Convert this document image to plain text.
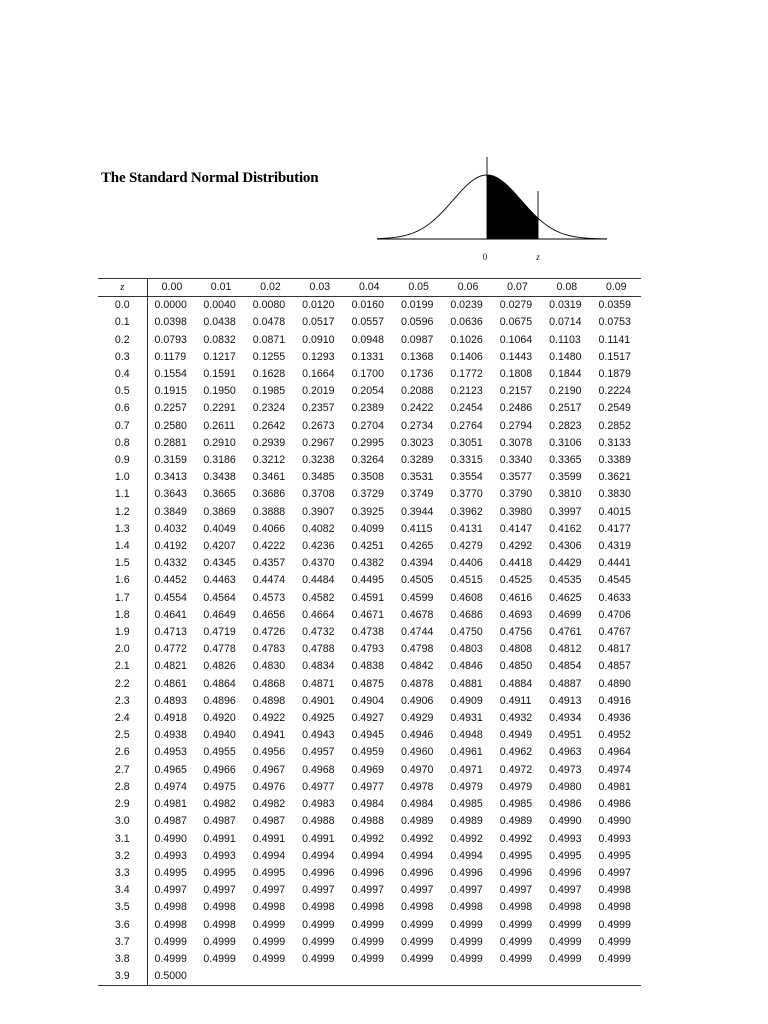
The Standard Normal Distribution
0	z
z	0.00	0.01	0.02	0.03	0.04	0.05	0.06	0.07	0.08	0.09
0.0	0.0000	0.0040	0.0080	0.0120	0.0160	0.0199	0.0239	0.0279	0.0319	0.0359
0.1	0.0398	0.0438	0.0478	0.0517	0.0557	0.0596	0.0636	0.0675	0.0714	0.0753
0.2	0.0793	0.0832	0.0871	0.0910	0.0948	0.0987	0.1026	0.1064	0.1103	0.1141
0.3	0.1179	0.1217	0.1255	0.1293	0.1331	0.1368	0.1406	0.1443	0.1480	0.1517
0.4	0.1554	0.1591	0.1628	0.1664	0.1700	0.1736	0.1772	0.1808	0.1844	0.1879
0.5	0.1915	0.1950	0.1985	0.2019	0.2054	0.2088	0.2123	0.2157	0.2190	0.2224
0.6	0.2257	0.2291	0.2324	0.2357	0.2389	0.2422	0.2454	0.2486	0.2517	0.2549
0.7	0.2580	0.2611	0.2642	0.2673	0.2704	0.2734	0.2764	0.2794	0.2823	0.2852
0.8	0.2881	0.2910	0.2939	0.2967	0.2995	0.3023	0.3051	0.3078	0.3106	0.3133
0.9	0.3159	0.3186	0.3212	0.3238	0.3264	0.3289	0.3315	0.3340	0.3365	0.3389
1.0	0.3413	0.3438	0.3461	0.3485	0.3508	0.3531	0.3554	0.3577	0.3599	0.3621
1.1	0.3643	0.3665	0.3686	0.3708	0.3729	0.3749	0.3770	0.3790	0.3810	0.3830
1.2	0.3849	0.3869	0.3888	0.3907	0.3925	0.3944	0.3962	0.3980	0.3997	0.4015
1.3	0.4032	0.4049	0.4066	0.4082	0.4099	0.4115	0.4131	0.4147	0.4162	0.4177
1.4	0.4192	0.4207	0.4222	0.4236	0.4251	0.4265	0.4279	0.4292	0.4306	0.4319
1.5	0.4332	0.4345	0.4357	0.4370	0.4382	0.4394	0.4406	0.4418	0.4429	0.4441
1.6	0.4452	0.4463	0.4474	0.4484	0.4495	0.4505	0.4515	0.4525	0.4535	0.4545
1.7	0.4554	0.4564	0.4573	0.4582	0.4591	0.4599	0.4608	0.4616	0.4625	0.4633
1.8	0.4641	0.4649	0.4656	0.4664	0.4671	0.4678	0.4686	0.4693	0.4699	0.4706
1.9	0.4713	0.4719	0.4726	0.4732	0.4738	0.4744	0.4750	0.4756	0.4761	0.4767
2.0	0.4772	0.4778	0.4783	0.4788	0.4793	0.4798	0.4803	0.4808	0.4812	0.4817
2.1	0.4821	0.4826	0.4830	0.4834	0.4838	0.4842	0.4846	0.4850	0.4854	0.4857
2.2	0.4861	0.4864	0.4868	0.4871	0.4875	0.4878	0.4881	0.4884	0.4887	0.4890
2.3	0.4893	0.4896	0.4898	0.4901	0.4904	0.4906	0.4909	0.4911	0.4913	0.4916
2.4	0.4918	0.4920	0.4922	0.4925	0.4927	0.4929	0.4931	0.4932	0.4934	0.4936
2.5	0.4938	0.4940	0.4941	0.4943	0.4945	0.4946	0.4948	0.4949	0.4951	0.4952
2.6	0.4953	0.4955	0.4956	0.4957	0.4959	0.4960	0.4961	0.4962	0.4963	0.4964
2.7	0.4965	0.4966	0.4967	0.4968	0.4969	0.4970	0.4971	0.4972	0.4973	0.4974
2.8	0.4974	0.4975	0.4976	0.4977	0.4977	0.4978	0.4979	0.4979	0.4980	0.4981
2.9	0.4981	0.4982	0.4982	0.4983	0.4984	0.4984	0.4985	0.4985	0.4986	0.4986
3.0	0.4987	0.4987	0.4987	0.4988	0.4988	0.4989	0.4989	0.4989	0.4990	0.4990
3.1	0.4990	0.4991	0.4991	0.4991	0.4992	0.4992	0.4992	0.4992	0.4993	0.4993
3.2	0.4993	0.4993	0.4994	0.4994	0.4994	0.4994	0.4994	0.4995	0.4995	0.4995
3.3	0.4995	0.4995	0.4995	0.4996	0.4996	0.4996	0.4996	0.4996	0.4996	0.4997
3.4	0.4997	0.4997	0.4997	0.4997	0.4997	0.4997	0.4997	0.4997	0.4997	0.4998
3.5	0.4998	0.4998	0.4998	0.4998	0.4998	0.4998	0.4998	0.4998	0.4998	0.4998
3.6	0.4998	0.4998	0.4999	0.4999	0.4999	0.4999	0.4999	0.4999	0.4999	0.4999
3.7	0.4999	0.4999	0.4999	0.4999	0.4999	0.4999	0.4999	0.4999	0.4999	0.4999
3.8	0.4999	0.4999	0.4999	0.4999	0.4999	0.4999	0.4999	0.4999	0.4999	0.4999
3.9	0.5000									
